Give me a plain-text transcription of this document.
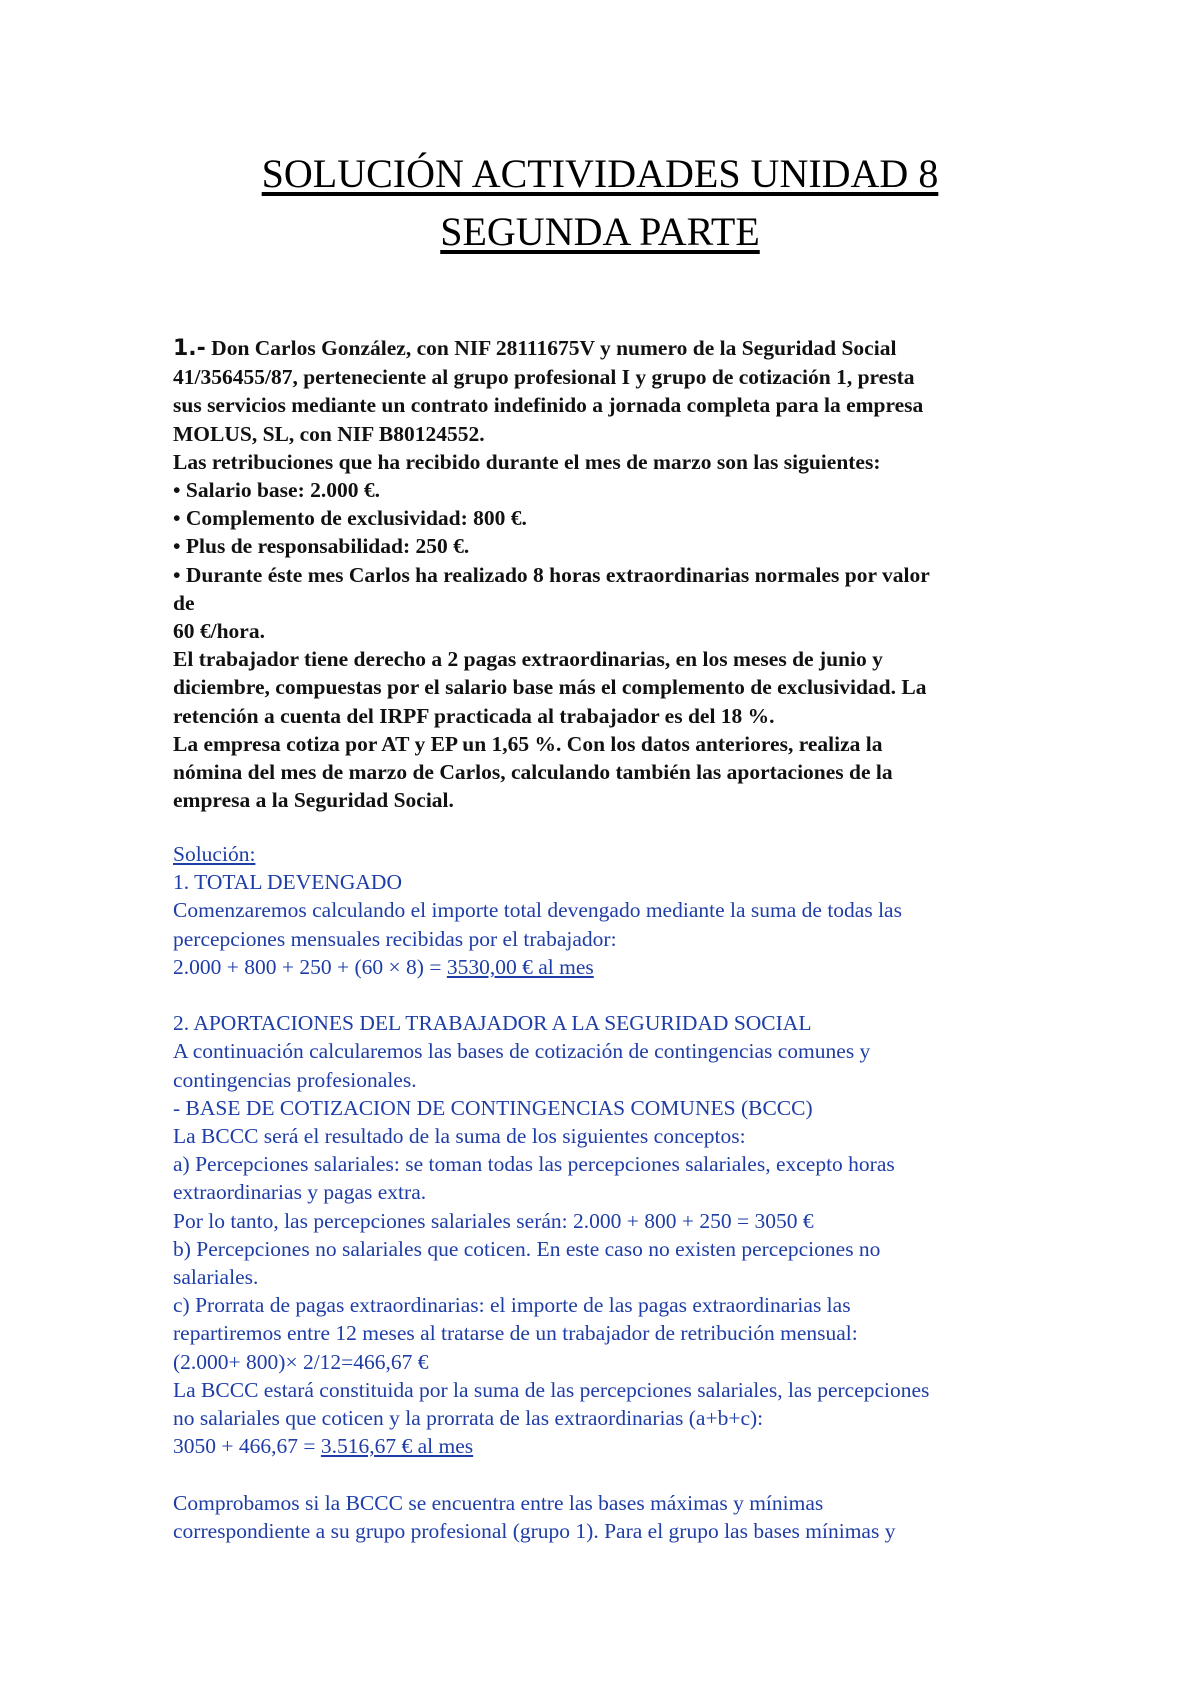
SOLUCIÓN ACTIVIDADES UNIDAD 8
SEGUNDA PARTE

1.- Don Carlos González, con NIF 28111675V y numero de la Seguridad Social

41/356455/87, perteneciente al grupo profesional I y grupo de cotización 1, presta

sus servicios mediante un contrato indefinido a jornada completa para la empresa

MOLUS, SL, con NIF B80124552.

Las retribuciones que ha recibido durante el mes de marzo son las siguientes:

• Salario base: 2.000 €.

• Complemento de exclusividad: 800 €.

• Plus de responsabilidad: 250 €.

• Durante éste mes Carlos ha realizado 8 horas extraordinarias normales por valor

de

60 €/hora.

El trabajador tiene derecho a 2 pagas extraordinarias, en los meses de junio y

diciembre, compuestas por el salario base más el complemento de exclusividad. La

retención a cuenta del IRPF practicada al trabajador es del 18 %.

La empresa cotiza por AT y EP un 1,65 %. Con los datos anteriores, realiza la

nómina del mes de marzo de Carlos, calculando también las aportaciones de la

empresa a la Seguridad Social.

Solución:

1. TOTAL DEVENGADO

Comenzaremos calculando el importe total devengado mediante la suma de todas las

percepciones mensuales recibidas por el trabajador:

2.000 + 800 + 250 + (60 × 8) = 3530,00 € al mes

2. APORTACIONES DEL TRABAJADOR A LA SEGURIDAD SOCIAL

A continuación calcularemos las bases de cotización de contingencias comunes y

contingencias profesionales.

- BASE DE COTIZACION DE CONTINGENCIAS COMUNES (BCCC)

La BCCC será el resultado de la suma de los siguientes conceptos:

a) Percepciones salariales: se toman todas las percepciones salariales, excepto horas

extraordinarias y pagas extra.

Por lo tanto, las percepciones salariales serán: 2.000 + 800 + 250 = 3050 €

b) Percepciones no salariales que coticen. En este caso no existen percepciones no

salariales.

c) Prorrata de pagas extraordinarias: el importe de las pagas extraordinarias las

repartiremos entre 12 meses al tratarse de un trabajador de retribución mensual:

(2.000+ 800)× 2/12=466,67 €

La BCCC estará constituida por la suma de las percepciones salariales, las percepciones

no salariales que coticen y la prorrata de las extraordinarias (a+b+c):

3050 + 466,67 = 3.516,67 € al mes

Comprobamos si la BCCC se encuentra entre las bases máximas y mínimas

correspondiente a su grupo profesional (grupo 1). Para el grupo las bases mínimas y
